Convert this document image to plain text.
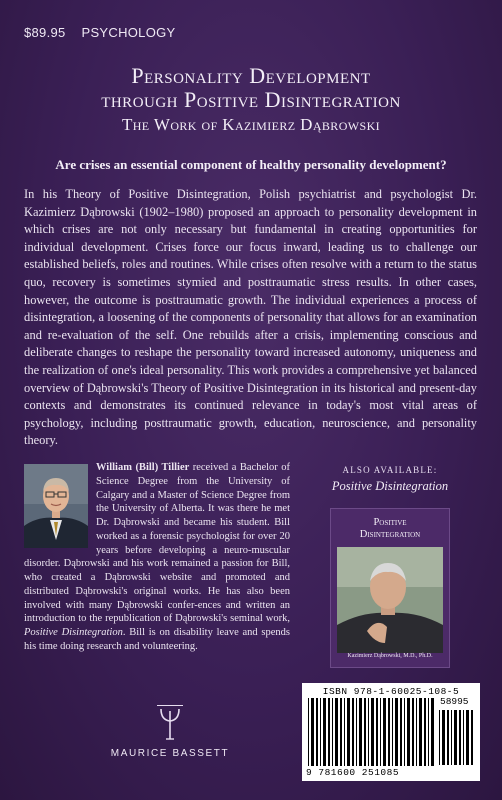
$89.95 PSYCHOLOGY
Personality Development
through Positive Disintegration
The Work of Kazimierz Dąbrowski
Are crises an essential component of healthy personality development?

In his Theory of Positive Disintegration, Polish psychiatrist and psychologist Dr. Kazimierz Dąbrowski (1902–1980) proposed an approach to personality development in which crises are not only necessary but fundamental in creating opportunities for individual development. Crises force our focus inward, leading us to challenge our established beliefs, roles and routines. While crises often resolve with a return to the status quo, recovery is sometimes stymied and posttraumatic stress results. In other cases, however, the outcome is posttraumatic growth. The individual experiences a process of disintegration, a loosening of the components of personality that allows for an examination and re-evaluation of the self. One rebuilds after a crisis, implementing conscious and deliberate changes to reshape the personality toward increased autonomy, uniqueness and the realization of one's ideal personality. This work provides a comprehensive yet balanced overview of Dąbrowski's Theory of Positive Disintegration in its historical and present-day contexts and demonstrates its continued relevance in today's most vital areas of psychology, including posttraumatic growth, education, neuroscience, and personality theory.

William (Bill) Tillier received a Bachelor of Science Degree from the University of Calgary and a Master of Science Degree from the University of Alberta. It was there he met Dr. Dąbrowski and became his student. Bill worked as a forensic psychologist for over 20 years before developing a neuro-muscular disorder. Dąbrowski and his work remained a passion for Bill, who created a Dąbrowski website and promoted and distributed Dąbrowski's original works. He has also been involved with many Dąbrowski confer-ences and written an introduction to the republication of Dąbrowski's seminal work, Positive Disintegration. Bill is on disability leave and spends his time doing research and volunteering.

ALSO AVAILABLE:
Positive Disintegration
Positive
Disintegration
Kazimierz Dąbrowski, M.D., Ph.D.
MAURICE BASSETT
ISBN 978-1-60025-108-5
58995
9 781600 251085
